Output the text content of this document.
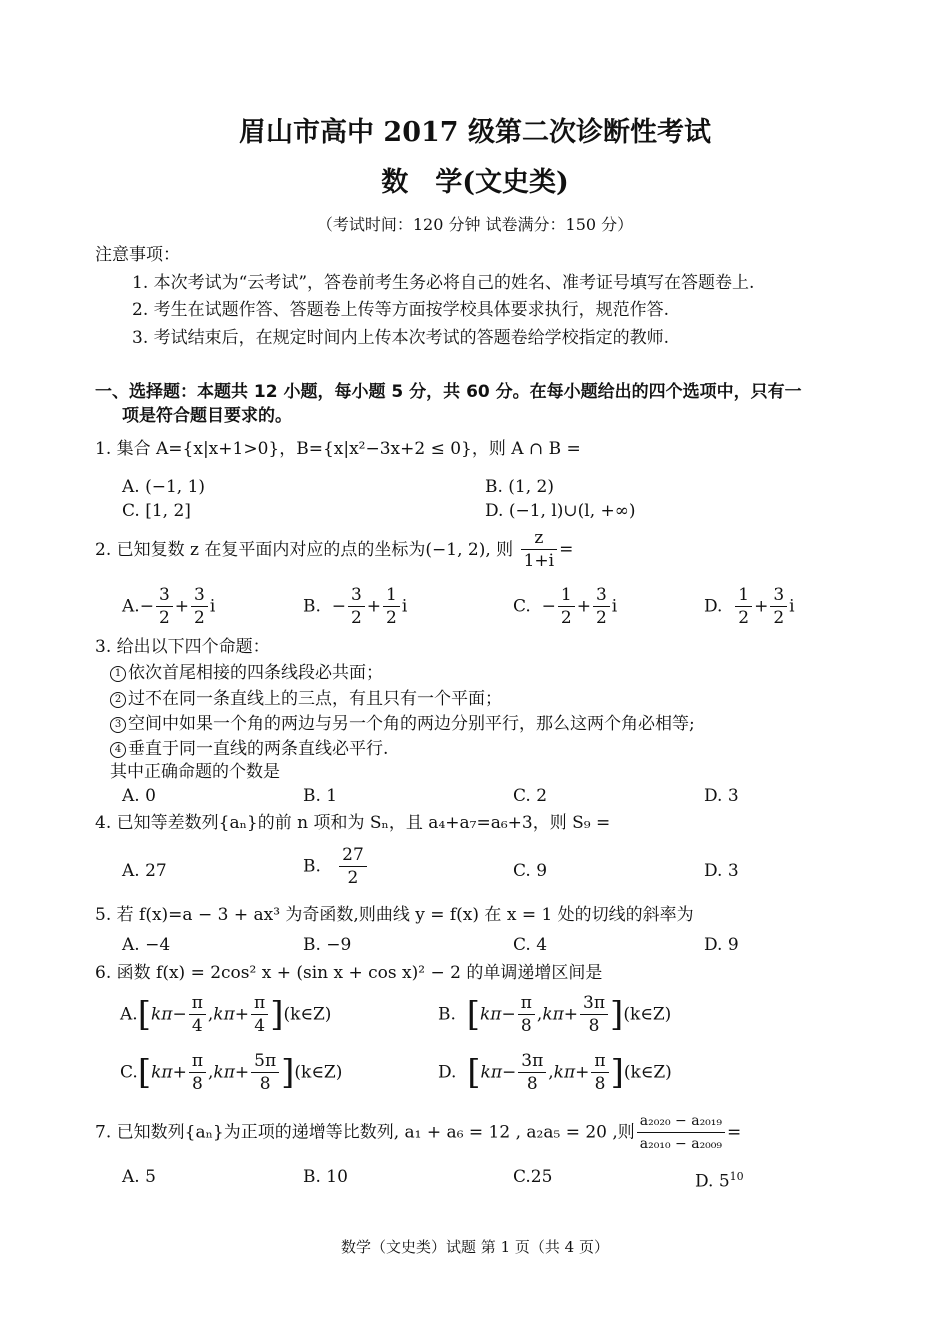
眉山市高中 2017 级第二次诊断性考试
数　学(文史类)
（考试时间：120 分钟 试卷满分：150 分）
注意事项：
1. 本次考试为“云考试”，答卷前考生务必将自己的姓名、准考证号填写在答题卷上.
2. 考生在试题作答、答题卷上传等方面按学校具体要求执行，规范作答.
3. 考试结束后，在规定时间内上传本次考试的答题卷给学校指定的教师.
一、选择题：本题共 12 小题，每小题 5 分，共 60 分。在每小题给出的四个选项中，只有一
项是符合题目要求的。
1. 集合 A={x|x+1>0}，B={x|x²−3x+2 ≤ 0}，则 A ∩ B =
A. (−1, 1)	B. (1, 2)
C. [1, 2]	D. (−1, l)∪(l, +∞)
2. 已知复数 z 在复平面内对应的点的坐标为(−1, 2), 则 $\frac{z}{1+i}$ =
$A.- \frac{3}{2} + \frac{3}{2}$ i	B. − $\frac{3}{2} + \frac{1}{2}$ i	C. − $\frac{1}{2} + \frac{3}{2}$ i	D. $\frac{1}{2} + \frac{3}{2}$ i
3. 给出以下四个命题：
1 依次首尾相接的四条线段必共面；
2 过不在同一条直线上的三点，有且只有一个平面；
3 空间中如果一个角的两边与另一个角的两边分别平行，那么这两个角必相等;
4 垂直于同一直线的两条直线必平行.
其中正确命题的个数是
A. 0	B. 1	C. 2	D. 3
4. 已知等差数列{aₙ}的前 n 项和为 Sₙ，且 a₄+a₇=a₆+3，则 S₉ =
A. 27	B. $\frac{27}{2}$	C. 9	D. 3
5. 若 f(x)=a − 3 + ax³ 为奇函数,则曲线 y = f(x) 在 x = 1 处的切线的斜率为
A. −4	B. −9	C. 4	D. 9
6. 函数 f(x) = 2cos² x + (sin x + cos x)² − 2 的单调递增区间是
$A.[k\pi- \frac{\pi}{4} ,k\pi+ \frac{\pi}{4}$ ](k∈Z)	B. [$k\pi- \frac{\pi}{8} ,k\pi+ \frac{3\pi}{8}$ ](k∈Z)
$C.[k\pi+ \frac{\pi}{8} ,k\pi+ \frac{5\pi}{8}$ ](k∈Z)	D. [$k\pi- \frac{3\pi}{8} ,k\pi+ \frac{\pi}{8}$ ](k∈Z)
7. 已知数列{aₙ}为正项的递增等比数列, a₁ + a₆ = 12 , a₂a₅ = 20 ,则 $\frac{\text{a₂₀₂₀ − a₂₀₁₉}}{\text{a₂₀₁₀ − a₂₀₀₉}}$ =
A. 5	B. 10	C.25	D. $5^{10}$
数学（文史类）试题 第 1 页（共 4 页）
